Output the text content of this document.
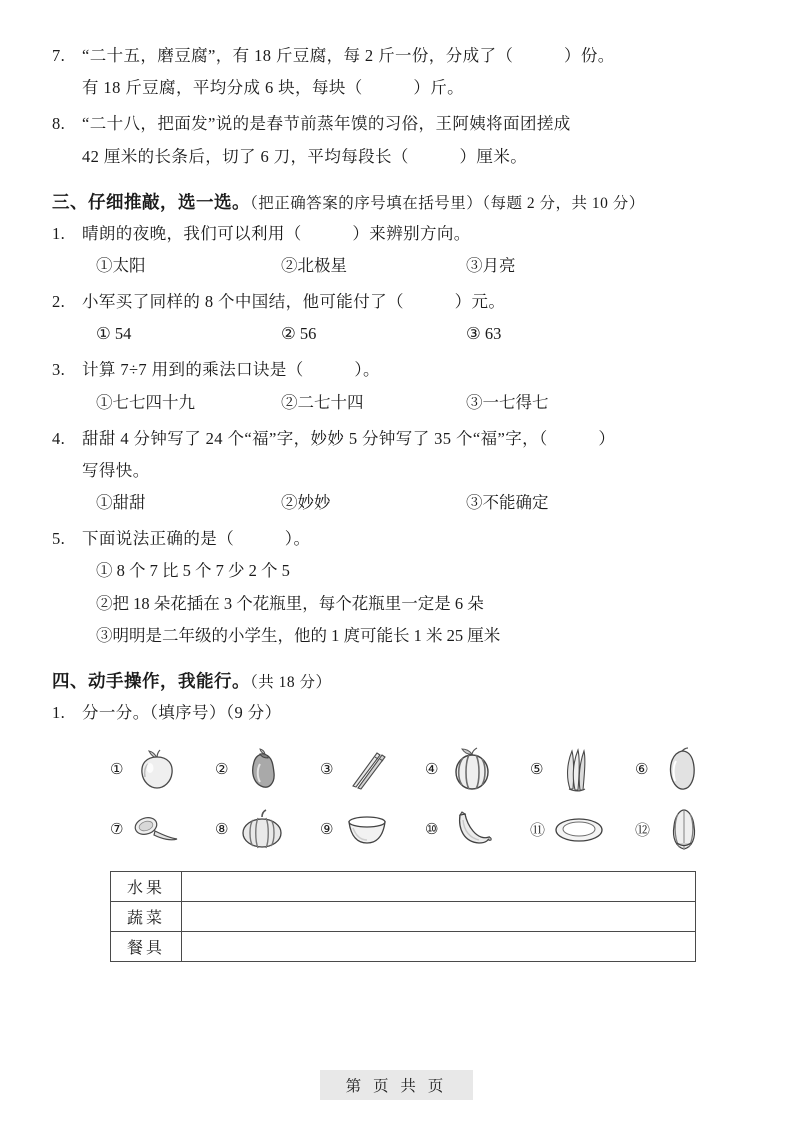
7. “二十五，磨豆腐”，有 18 斤豆腐，每 2 斤一份，分成了（　　　）份。
有 18 斤豆腐，平均分成 6 块，每块（　　　）斤。
8. “二十八，把面发”说的是春节前蒸年馍的习俗，王阿姨将面团搓成
42 厘米的长条后，切了 6 刀，平均每段长（　　　）厘米。
三、仔细推敲，选一选。（把正确答案的序号填在括号里）（每题 2 分，共 10 分）
1. 晴朗的夜晚，我们可以利用（　　　）来辨别方向。
①太阳	②北极星	③月亮
2. 小军买了同样的 8 个中国结，他可能付了（　　　）元。
① 54	② 56	③ 63
3. 计算 7÷7 用到的乘法口诀是（　　　）。
①七七四十九	②二七十四	③一七得七
4. 甜甜 4 分钟写了 24 个“福”字，妙妙 5 分钟写了 35 个“福”字，（　　　）
写得快。
①甜甜	②妙妙	③不能确定
5. 下面说法正确的是（　　　）。
① 8 个 7 比 5 个 7 少 2 个 5
②把 18 朵花插在 3 个花瓶里，每个花瓶里一定是 6 朵
③明明是二年级的小学生，他的 1 庹可能长 1 米 25 厘米
四、动手操作，我能行。（共 18 分）
1. 分一分。（填序号）（9 分）
①	②	③	④	⑤	⑥
⑦	⑧	⑨	⑩	⑪	⑫
水果	
蔬菜	
餐具	
第 页 共 页
